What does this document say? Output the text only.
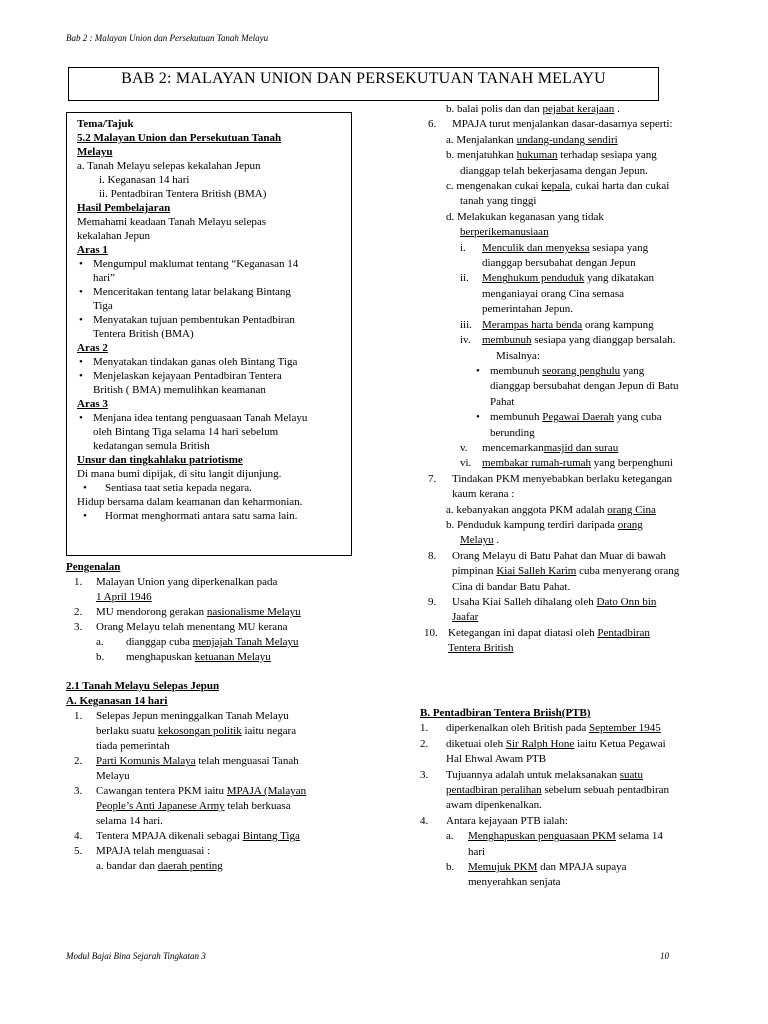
Bab 2 : Malayan Union dan Persekutuan Tanah Melayu
BAB 2: MALAYAN UNION DAN PERSEKUTUAN TANAH MELAYU
Tema/Tajuk
5.2 Malayan Union dan Persekutuan Tanah
Melayu
a. Tanah Melayu selepas kekalahan Jepun
i. Keganasan 14 hari
ii. Pentadbiran Tentera British (BMA)
Hasil Pembelajaran
Memahami keadaan Tanah Melayu selepas
kekalahan Jepun
Aras 1
•
Mengumpul maklumat tentang “Keganasan 14
hari”
•
Menceritakan tentang latar belakang Bintang
Tiga
•
Menyatakan tujuan pembentukan Pentadbiran
Tentera British (BMA)
Aras 2
•
Menyatakan tindakan ganas oleh Bintang Tiga
•
Menjelaskan kejayaan Pentadbiran Tentera
British ( BMA) memulihkan keamanan
Aras 3
•
Menjana idea tentang penguasaan Tanah Melayu
oleh Bintang Tiga selama 14 hari sebelum
kedatangan semula British
Unsur dan tingkahlaku patriotisme
Di mana bumi dipijak, di situ langit dijunjung.
•
Sentiasa taat setia kepada negara.
Hidup bersama dalam keamanan dan keharmonian.
•
Hormat menghormati antara satu sama lain.
Pengenalan
1.	Malayan Union yang diperkenalkan pada
1 April 1946
2.	MU mendorong gerakan nasionalisme Melayu
3.	Orang Melayu telah menentang MU kerana
a.	dianggap cuba menjajah Tanah Melayu
b.	menghapuskan ketuanan Melayu
2.1 Tanah Melayu Selepas Jepun
A. Keganasan 14 hari
1.	Selepas Jepun meninggalkan Tanah Melayu
berlaku suatu kekosongan politik iaitu negara
tiada pemerintah
2.	Parti Komunis Malaya telah menguasai Tanah
Melayu
3.	Cawangan tentera PKM iaitu MPAJA (Malayan
People’s Anti Japanese Army telah berkuasa
selama 14 hari.
4.	Tentera MPAJA dikenali sebagai Bintang Tiga
5.	MPAJA telah menguasai :
a. bandar dan daerah penting
b. balai polis dan dan pejabat kerajaan .
6.	MPAJA turut menjalankan dasar-dasarnya seperti:
a. Menjalankan undang-undang sendiri
b. menjatuhkan hukuman terhadap sesiapa yang
dianggap telah bekerjasama dengan Jepun.
c. mengenakan cukai kepala, cukai harta dan cukai
tanah yang tinggi
d. Melakukan keganasan yang tidak
berperikemanusiaan
i.	Menculik dan menyeksa sesiapa yang
dianggap bersubahat dengan Jepun
ii.	Menghukum penduduk yang dikatakan
menganiayai orang Cina semasa
pemerintahan Jepun.
iii. Merampas harta benda orang kampung
iv.	membunuh sesiapa yang dianggap bersalah.
Misalnya:
•
membunuh seorang penghulu yang
dianggap bersubahat dengan Jepun di Batu
Pahat
•
membunuh Pegawai Daerah yang cuba
berunding
v.	mencemarkanmasjid dan surau
vi. membakar rumah-rumah yang berpenghuni
7.	Tindakan PKM menyebabkan berlaku ketegangan
kaum kerana :
a. kebanyakan anggota PKM adalah orang Cina
b. Penduduk kampung terdiri daripada orang
Melayu .
8.	Orang Melayu di Batu Pahat dan Muar di bawah
pimpinan Kiai Salleh Karim cuba menyerang orang
Cina di bandar Batu Pahat.
9.	Usaha Kiai Salleh dihalang oleh Dato Onn bin
Jaafar
10. Ketegangan ini dapat diatasi oleh Pentadbiran
Tentera British
B. Pentadbiran Tentera Briish(PTB)
1.	diperkenalkan oleh British pada September 1945
2.	diketuai oleh Sir Ralph Hone iaitu Ketua Pegawai
Hal Ehwal Awam PTB
3.	Tujuannya adalah untuk melaksanakan suatu
pentadbiran peralihan sebelum sebuah pentadbiran
awam dipenkenalkan.
4.	Antara kejayaan PTB ialah:
a.	Menghapuskan penguasaan PKM selama 14
hari
b.	Memujuk PKM dan MPAJA supaya
menyerahkan senjata
Modul Bajai Bina Sejarah Tingkatan 3	10
